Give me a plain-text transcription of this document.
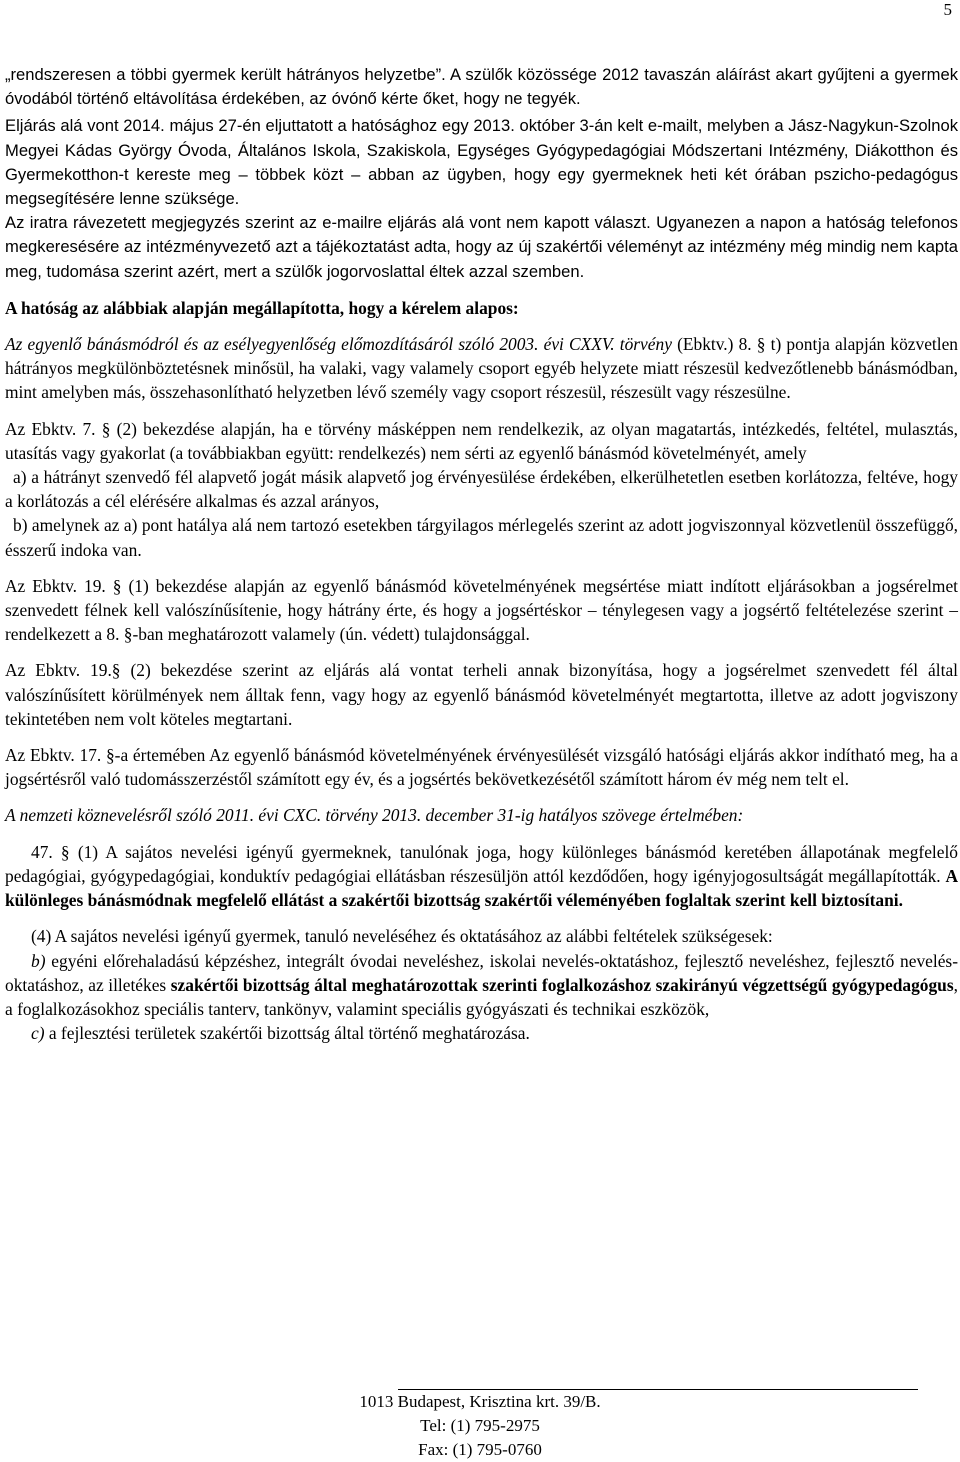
5

„rendszeresen a többi gyermek került hátrányos helyzetbe”. A szülők közössége 2012 tavaszán aláírást akart gyűjteni a gyermek óvodából történő eltávolítása érdekében, az óvónő kérte őket, hogy ne tegyék.

Eljárás alá vont 2014. május 27-én eljuttatott a hatósághoz egy 2013. október 3-án kelt e-mailt, melyben a Jász-Nagykun-Szolnok Megyei Kádas György Óvoda, Általános Iskola, Szakiskola, Egységes Gyógypedagógiai Módszertani Intézmény, Diákotthon és Gyermekotthon-t kereste meg – többek közt – abban az ügyben, hogy egy gyermeknek heti két órában pszicho-pedagógus megsegítésére lenne szüksége.

Az iratra rávezetett megjegyzés szerint az e-mailre eljárás alá vont nem kapott választ. Ugyanezen a napon a hatóság telefonos megkeresésére az intézményvezető azt a tájékoztatást adta, hogy az új szakértői véleményt az intézmény még mindig nem kapta meg, tudomása szerint azért, mert a szülők jogorvoslattal éltek azzal szemben.

A hatóság az alábbiak alapján megállapította, hogy a kérelem alapos:

Az egyenlő bánásmódról és az esélyegyenlőség előmozdításáról szóló 2003. évi CXXV. törvény (Ebktv.) 8. § t) pontja alapján közvetlen hátrányos megkülönböztetésnek minősül, ha valaki, vagy valamely csoport egyéb helyzete miatt részesül kedvezőtlenebb bánásmódban, mint amelyben más, összehasonlítható helyzetben lévő személy vagy csoport részesül, részesült vagy részesülne.

Az Ebktv. 7. § (2) bekezdése alapján, ha e törvény másképpen nem rendelkezik, az olyan magatartás, intézkedés, feltétel, mulasztás, utasítás vagy gyakorlat (a továbbiakban együtt: rendelkezés) nem sérti az egyenlő bánásmód követelményét, amely

a) a hátrányt szenvedő fél alapvető jogát másik alapvető jog érvényesülése érdekében, elkerülhetetlen esetben korlátozza, feltéve, hogy a korlátozás a cél elérésére alkalmas és azzal arányos,

b) amelynek az a) pont hatálya alá nem tartozó esetekben tárgyilagos mérlegelés szerint az adott jogviszonnyal közvetlenül összefüggő, ésszerű indoka van.

Az Ebktv. 19. § (1) bekezdése alapján az egyenlő bánásmód követelményének megsértése miatt indított eljárásokban a jogsérelmet szenvedett félnek kell valószínűsítenie, hogy hátrány érte, és hogy a jogsértéskor – ténylegesen vagy a jogsértő feltételezése szerint – rendelkezett a 8. §-ban meghatározott valamely (ún. védett) tulajdonsággal.

Az Ebktv. 19.§ (2) bekezdése szerint az eljárás alá vontat terheli annak bizonyítása, hogy a jogsérelmet szenvedett fél által valószínűsített körülmények nem álltak fenn, vagy hogy az egyenlő bánásmód követelményét megtartotta, illetve az adott jogviszony tekintetében nem volt köteles megtartani.

Az Ebktv. 17. §-a értemében Az egyenlő bánásmód követelményének érvényesülését vizsgáló hatósági eljárás akkor indítható meg, ha a jogsértésről való tudomásszerzéstől számított egy év, és a jogsértés bekövetkezésétől számított három év még nem telt el.

A nemzeti köznevelésről szóló 2011. évi CXC. törvény 2013. december 31-ig hatályos szövege értelmében:

47. § (1) A sajátos nevelési igényű gyermeknek, tanulónak joga, hogy különleges bánásmód keretében állapotának megfelelő pedagógiai, gyógypedagógiai, konduktív pedagógiai ellátásban részesüljön attól kezdődően, hogy igényjogosultságát megállapították. A különleges bánásmódnak megfelelő ellátást a szakértői bizottság szakértői véleményében foglaltak szerint kell biztosítani.

(4) A sajátos nevelési igényű gyermek, tanuló neveléséhez és oktatásához az alábbi feltételek szükségesek:

b) egyéni előrehaladású képzéshez, integrált óvodai neveléshez, iskolai nevelés-oktatáshoz, fejlesztő neveléshez, fejlesztő nevelés-oktatáshoz, az illetékes szakértői bizottság által meghatározottak szerinti foglalkozáshoz szakirányú végzettségű gyógypedagógus, a foglalkozásokhoz speciális tanterv, tankönyv, valamint speciális gyógyászati és technikai eszközök,

c) a fejlesztési területek szakértői bizottság által történő meghatározása.

1013 Budapest, Krisztina krt. 39/B.
Tel: (1) 795-2975
Fax: (1) 795-0760
